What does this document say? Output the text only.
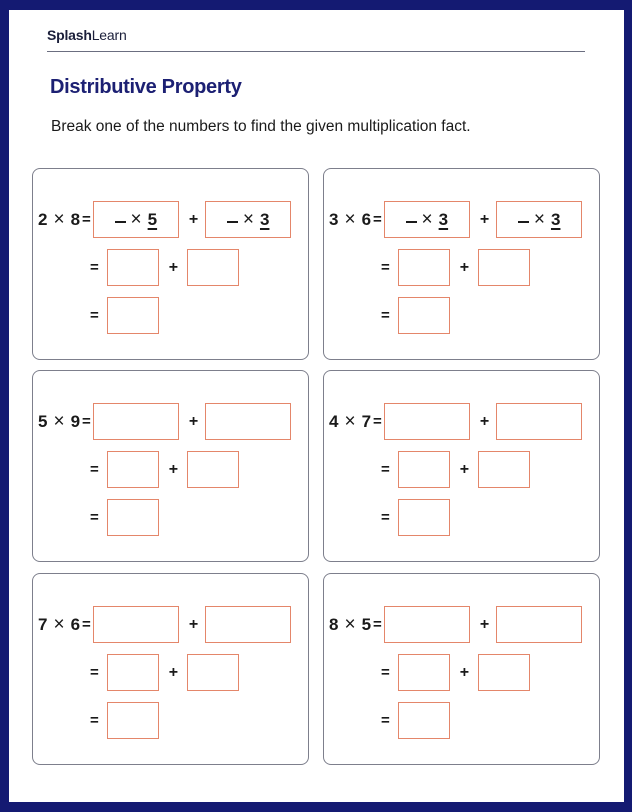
SplashLearn
Distributive Property
Break one of the numbers to find the given multiplication fact.
2 × 8 =	× 5 +	× 3
=	+
=
3 × 6 =	× 3 +	× 3
=	+
=
5 × 9 =	+
=	+
=
4 × 7 =	+
=	+
=
7 × 6 =	+
=	+
=
8 × 5 =	+
=	+
=
